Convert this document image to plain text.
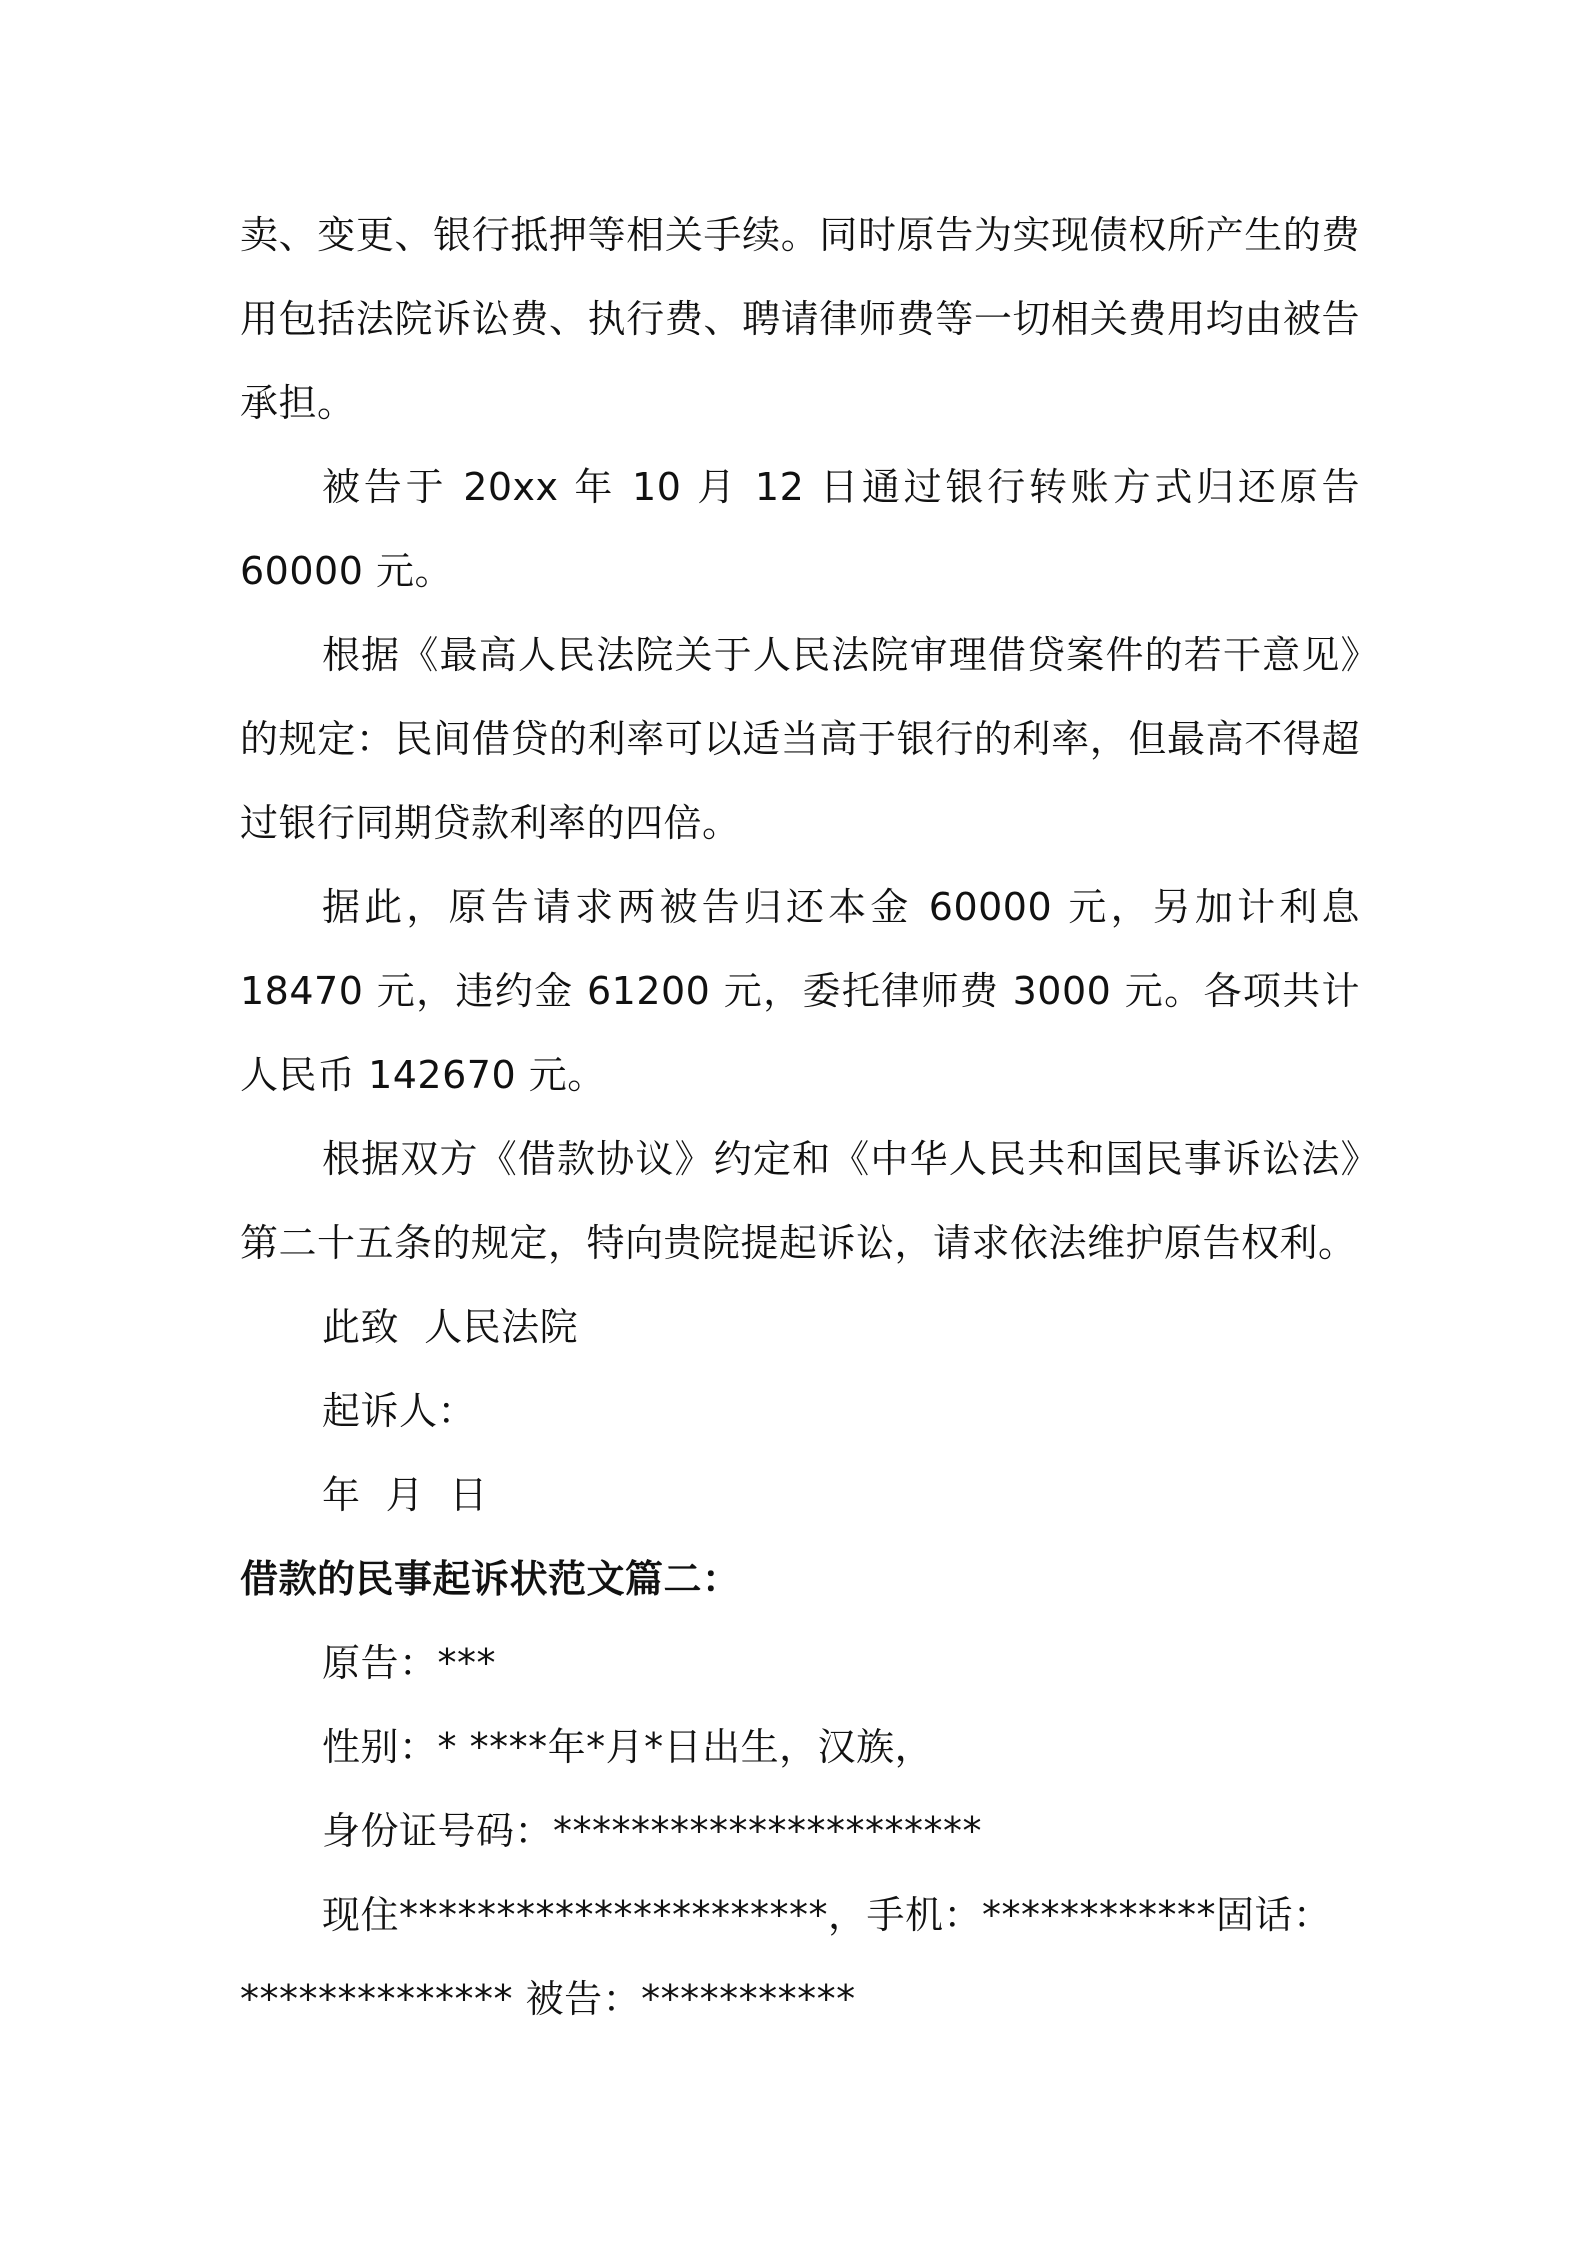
卖、变更、银行抵押等相关手续。同时原告为实现债权所产生的费用包括法院诉讼费、执行费、聘请律师费等一切相关费用均由被告承担。

被告于 20xx 年 10 月 12 日通过银行转账方式归还原告 60000 元。

根据《最高人民法院关于人民法院审理借贷案件的若干意见》的规定：民间借贷的利率可以适当高于银行的利率，但最高不得超过银行同期贷款利率的四倍。

据此，原告请求两被告归还本金 60000 元，另加计利息 18470 元，违约金 61200 元，委托律师费 3000 元。各项共计人民币 142670 元。

根据双方《借款协议》约定和《中华人民共和国民事诉讼法》第二十五条的规定，特向贵院提起诉讼，请求依法维护原告权利。

此致  人民法院

起诉人：

年  月  日

借款的民事起诉状范文篇二：

原告：***

性别：* ****年*月*日出生，汉族，

身份证号码：**********************

现住**********************，手机：************固话：

************** 被告：***********
